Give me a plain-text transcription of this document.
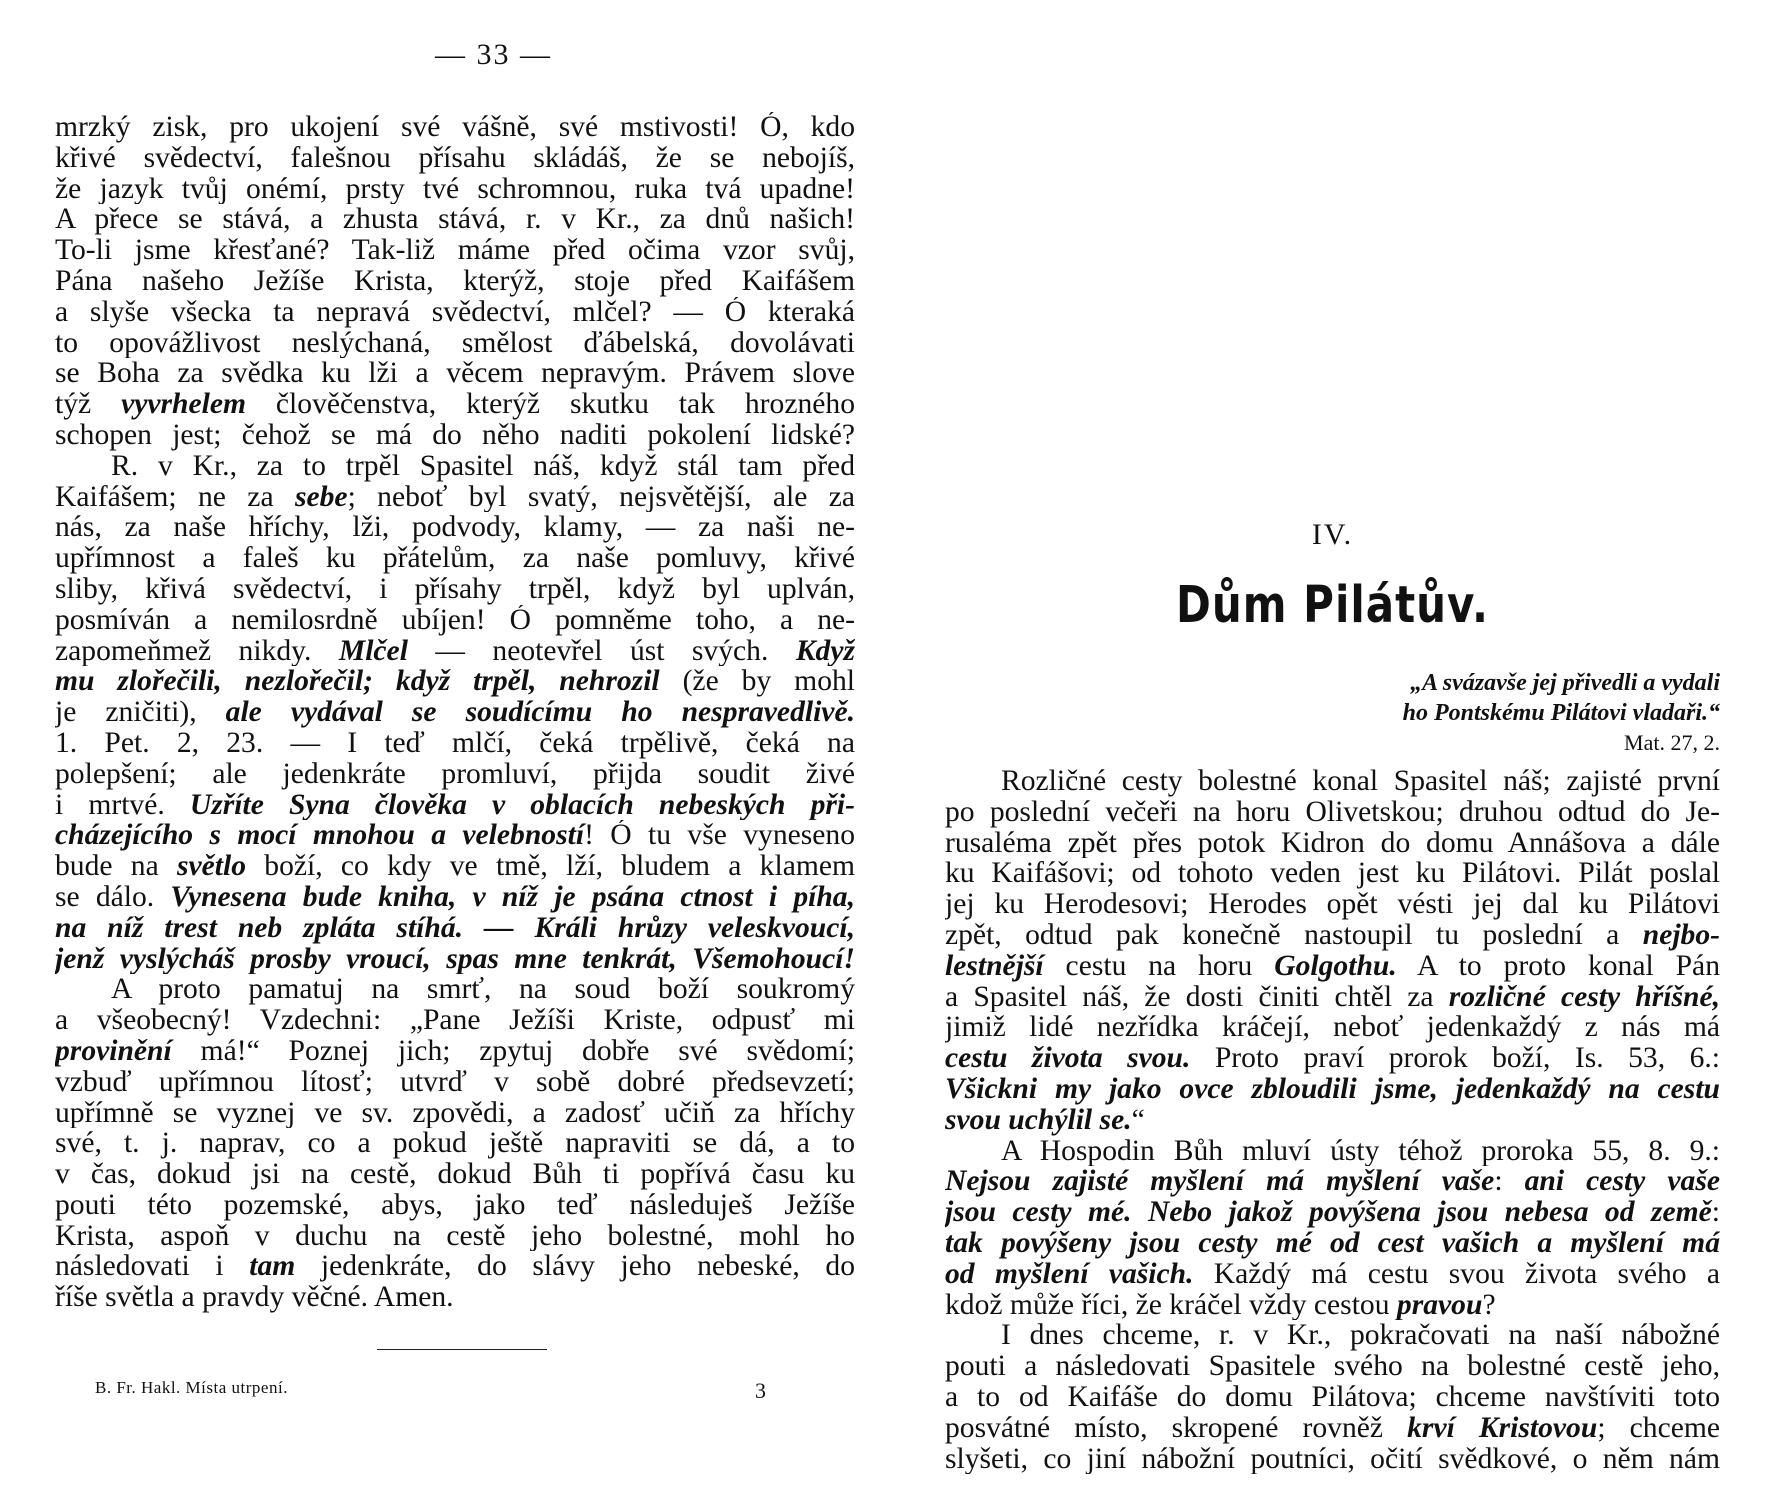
— 33 —
mrzký zisk, pro ukojení své vášně, své mstivosti! Ó, kdo
křivé svědectví, falešnou přísahu skládáš, že se nebojíš,
že jazyk tvůj onémí, prsty tvé schromnou, ruka tvá upadne!
A přece se stává, a zhusta stává, r. v Kr., za dnů našich!
To-li jsme křesťané? Tak-liž máme před očima vzor svůj,
Pána našeho Ježíše Krista, kterýž, stoje před Kaifášem
a slyše všecka ta nepravá svědectví, mlčel? — Ó kteraká
to opovážlivost neslýchaná, smělost ďábelská, dovolávati
se Boha za svědka ku lži a věcem nepravým. Právem slove
týž vyvrhelem člověčenstva, kterýž skutku tak hrozného
schopen jest; čehož se má do něho naditi pokolení lidské?
R. v Kr., za to trpěl Spasitel náš, když stál tam před
Kaifášem; ne za sebe; neboť byl svatý, nejsvětější, ale za
nás, za naše hříchy, lži, podvody, klamy, — za naši ne-
upřímnost a faleš ku přátelům, za naše pomluvy, křivé
sliby, křivá svědectví, i přísahy trpěl, když byl uplván,
posmíván a nemilosrdně ubíjen! Ó pomněme toho, a ne-
zapomeňmež nikdy. Mlčel — neotevřel úst svých. Když
mu zlořečili, nezlořečil; když trpěl, nehrozil (že by mohl
je zničiti), ale vydával se soudícímu ho nespravedlivě.
1. Pet. 2, 23. — I teď mlčí, čeká trpělivě, čeká na
polepšení; ale jedenkráte promluví, přijda soudit živé
i mrtvé. Uzříte Syna člověka v oblacích nebeských při-
cházejícího s mocí mnohou a velebností! Ó tu vše vyneseno
bude na světlo boží, co kdy ve tmě, lží, bludem a klamem
se dálo. Vynesena bude kniha, v níž je psána ctnost i píha,
na níž trest neb zpláta stíhá. — Králi hrůzy veleskvoucí,
jenž vyslýcháš prosby vroucí, spas mne tenkrát, Všemohoucí!
A proto pamatuj na smrť, na soud boží soukromý
a všeobecný! Vzdechni: „Pane Ježíši Kriste, odpusť mi
provinění má!“ Poznej jich; zpytuj dobře své svědomí;
vzbuď upřímnou lítosť; utvrď v sobě dobré předsevzetí;
upřímně se vyznej ve sv. zpovědi, a zadosť učiň za hříchy
své, t. j. naprav, co a pokud ještě napraviti se dá, a to
v čas, dokud jsi na cestě, dokud Bůh ti popřívá času ku
pouti této pozemské, abys, jako teď následuješ Ježíše
Krista, aspoň v duchu na cestě jeho bolestné, mohl ho
následovati i tam jedenkráte, do slávy jeho nebeské, do
říše světla a pravdy věčné. Amen.
B. Fr. Hakl. Místa utrpení.	3
IV.
Dům Pilátův.
„A svázavše jej přivedli a vydali
ho Pontskému Pilátovi vladaři.“
Mat. 27, 2.
Rozličné cesty bolestné konal Spasitel náš; zajisté první
po poslední večeři na horu Olivetskou; druhou odtud do Je-
rusaléma zpět přes potok Kidron do domu Annášova a dále
ku Kaifášovi; od tohoto veden jest ku Pilátovi. Pilát poslal
jej ku Herodesovi; Herodes opět vésti jej dal ku Pilátovi
zpět, odtud pak konečně nastoupil tu poslední a nejbo-
lestnější cestu na horu Golgothu. A to proto konal Pán
a Spasitel náš, že dosti činiti chtěl za rozličné cesty hříšné,
jimiž lidé nezřídka kráčejí, neboť jedenkaždý z nás má
cestu života svou. Proto praví prorok boží, Is. 53, 6.:
Všickni my jako ovce zbloudili jsme, jedenkaždý na cestu
svou uchýlil se.“
A Hospodin Bůh mluví ústy téhož proroka 55, 8. 9.:
Nejsou zajisté myšlení má myšlení vaše: ani cesty vaše
jsou cesty mé. Nebo jakož povýšena jsou nebesa od země:
tak povýšeny jsou cesty mé od cest vašich a myšlení má
od myšlení vašich. Každý má cestu svou života svého a
kdož může říci, že kráčel vždy cestou pravou?
I dnes chceme, r. v Kr., pokračovati na naší nábožné
pouti a následovati Spasitele svého na bolestné cestě jeho,
a to od Kaifáše do domu Pilátova; chceme navštíviti toto
posvátné místo, skropené rovněž krví Kristovou; chceme
slyšeti, co jiní nábožní poutníci, očití svědkové, o něm nám
